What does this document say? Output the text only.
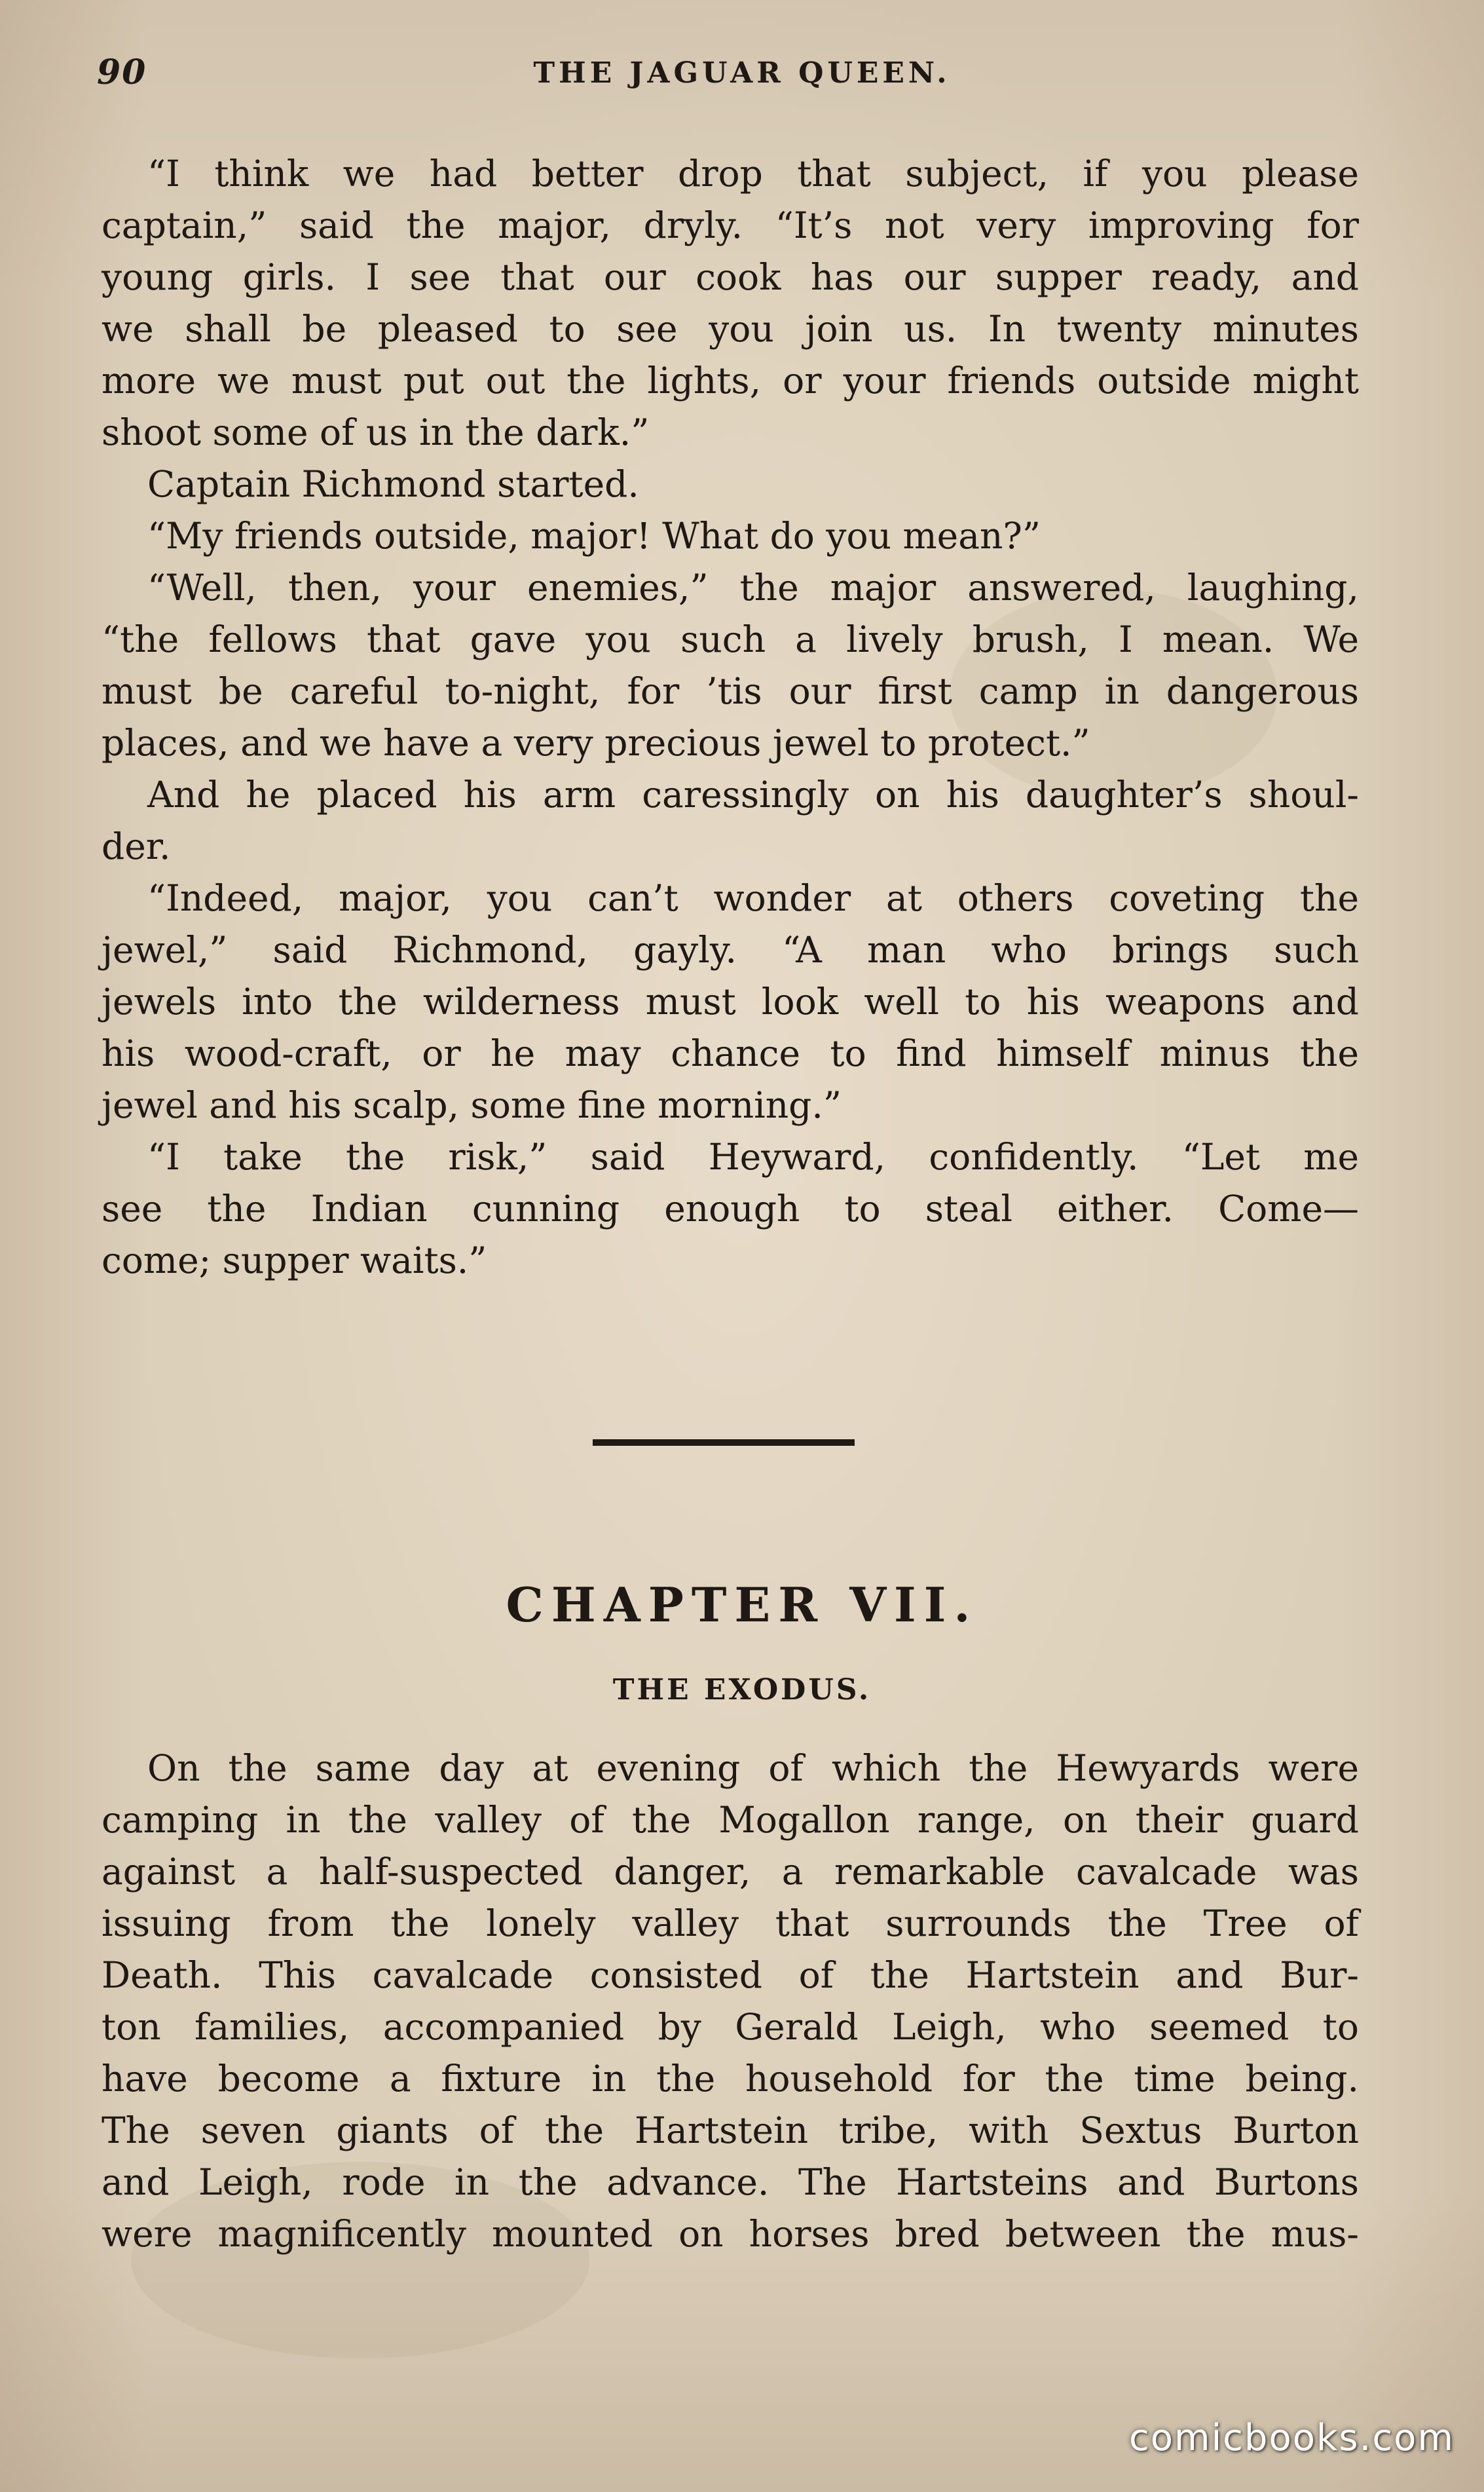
90	THE JAGUAR QUEEN.
“I think we had better drop that subject, if you please
captain,” said the major, dryly. “It’s not very improving for
young girls. I see that our cook has our supper ready, and
we shall be pleased to see you join us. In twenty minutes
more we must put out the lights, or your friends outside might
shoot some of us in the dark.”
Captain Richmond started.
“My friends outside, major! What do you mean?”
“Well, then, your enemies,” the major answered, laughing,
“the fellows that gave you such a lively brush, I mean. We
must be careful to-night, for ’tis our first camp in dangerous
places, and we have a very precious jewel to protect.”
And he placed his arm caressingly on his daughter’s shoul-
der.
“Indeed, major, you can’t wonder at others coveting the
jewel,” said Richmond, gayly. “A man who brings such
jewels into the wilderness must look well to his weapons and
his wood-craft, or he may chance to find himself minus the
jewel and his scalp, some fine morning.”
“I take the risk,” said Heyward, confidently. “Let me
see the Indian cunning enough to steal either. Come—
come; supper waits.”
CHAPTER VII.
THE EXODUS.
On the same day at evening of which the Hewyards were
camping in the valley of the Mogallon range, on their guard
against a half-suspected danger, a remarkable cavalcade was
issuing from the lonely valley that surrounds the Tree of
Death. This cavalcade consisted of the Hartstein and Bur-
ton families, accompanied by Gerald Leigh, who seemed to
have become a fixture in the household for the time being.
The seven giants of the Hartstein tribe, with Sextus Burton
and Leigh, rode in the advance. The Hartsteins and Burtons
were magnificently mounted on horses bred between the mus-
comicbooks.com
